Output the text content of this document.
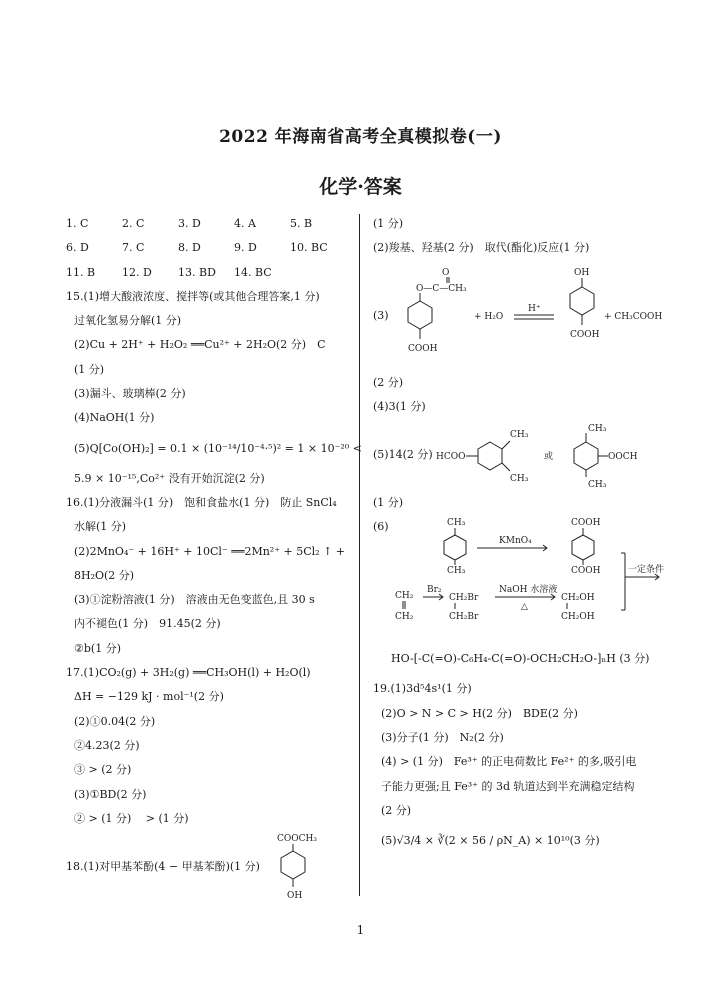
2022 年海南省高考全真模拟卷(一)
化学·答案
1. C	2. C	3. D	4. A	5. B
6. D	7. C	8. D	9. D	10. BC
11. B 12. D 13. BD 14. BC
15.(1)增大酸液浓度、搅拌等(或其他合理答案,1 分)
过氧化氢易分解(1 分)
(2)Cu + 2H⁺ + H₂O₂ ══Cu²⁺ + 2H₂O(2 分)　C
(1 分)
(3)漏斗、玻璃棒(2 分)
(4)NaOH(1 分)
(5)Q[Co(OH)₂] = 0.1 × (10⁻¹⁴/10⁻⁴·⁵)² = 1 × 10⁻²⁰ <
5.9 × 10⁻¹⁵,Co²⁺ 没有开始沉淀(2 分)
16.(1)分液漏斗(1 分)　饱和食盐水(1 分)　防止 SnCl₄
水解(1 分)
(2)2MnO₄⁻ + 16H⁺ + 10Cl⁻ ══2Mn²⁺ + 5Cl₂ ↑ +
8H₂O(2 分)
(3)①淀粉溶液(1 分)　溶液由无色变蓝色,且 30 s
内不褪色(1 分)　91.45(2 分)
②b(1 分)
17.(1)CO₂(g) + 3H₂(g) ══CH₃OH(l) + H₂O(l)
ΔH = −129 kJ · mol⁻¹(2 分)
(2)①0.04(2 分)
②4.23(2 分)
③ > (2 分)
(3)①BD(2 分)
② > (1 分)　 > (1 分)
18.(1)对甲基苯酚(4 − 甲基苯酚)(1 分)
COOCH₃
OH
(1 分)
(2)羧基、羟基(2 分)　取代(酯化)反应(1 分)
(3)
O—C—CH₃
O
COOH
+ H₂O
H⁺
OH
COOH
+ CH₃COOH
(2 分)
(4)3(1 分)
(5)14(2 分) HCOO
CH₃
CH₃
或
CH₃
OOCH
CH₃
(1 分)
(6)	CH₃
CH₃
KMnO₄
COOH
COOH	一定条件
CH₂
CH₂
Br₂
CH₂Br
CH₂Br
NaOH 水溶液
△
CH₂OH
CH₂OH
HO-[-C(=O)-C₆H₄-C(=O)-OCH₂CH₂O-]ₙH (3 分)
19.(1)3d⁵4s¹(1 分)
(2)O > N > C > H(2 分)　BDE(2 分)
(3)分子(1 分)　N₂(2 分)
(4) > (1 分)　Fe³⁺ 的正电荷数比 Fe²⁺ 的多,吸引电
子能力更强;且 Fe³⁺ 的 3d 轨道达到半充满稳定结构
(2 分)
(5)√3/4 × ∛(2 × 56 / ρN_A) × 10¹⁰(3 分)
1
